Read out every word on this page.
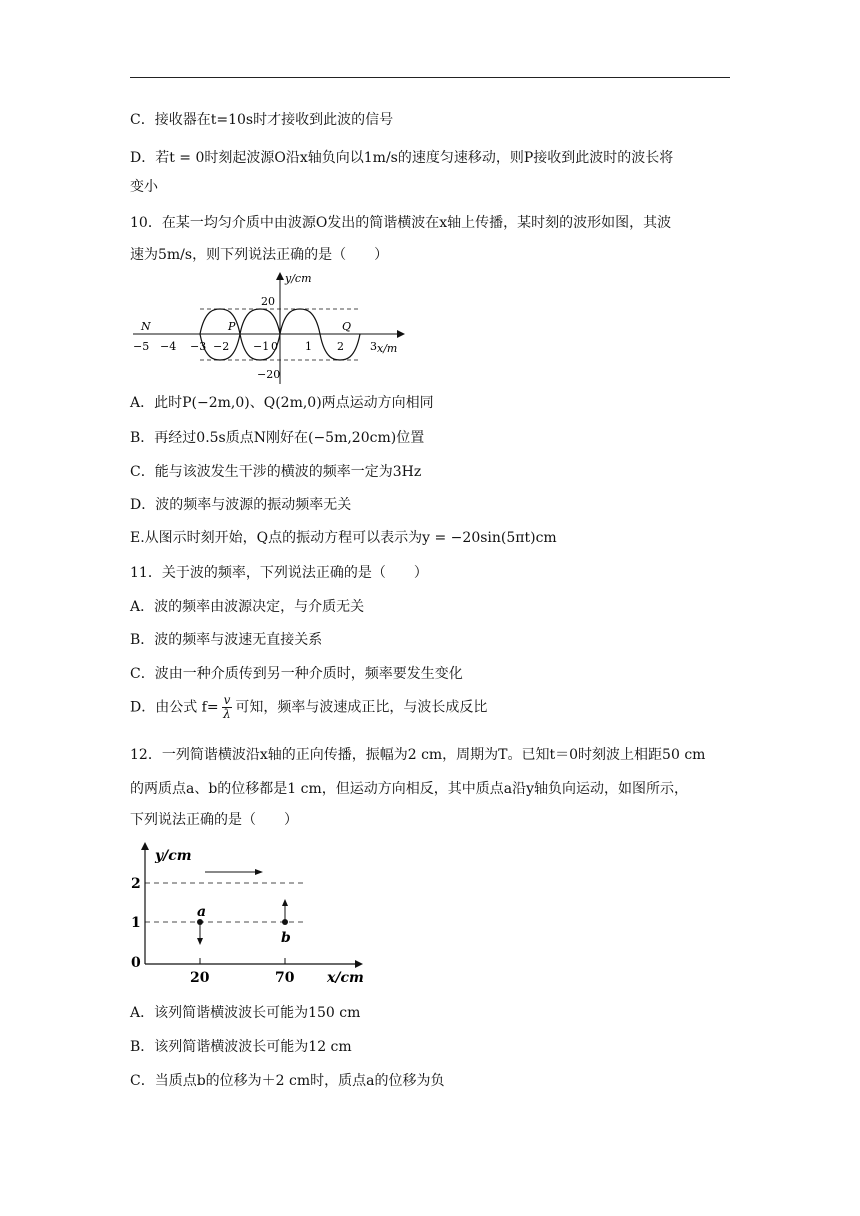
C．接收器在t=10s时才接收到此波的信号
D．若t = 0时刻起波源O沿x轴负向以1m/s的速度匀速移动，则P接收到此波时的波长将
变小
10．在某一均匀介质中由波源O发出的简谐横波在x轴上传播，某时刻的波形如图，其波
速为5m/s，则下列说法正确的是（　　）
−5 −4 −3 −2 −1 0 1 2 3
20
−20
y/cm
x/m
N	P	Q
A．此时P(−2m,0)、Q(2m,0)两点运动方向相同
B．再经过0.5s质点N刚好在(−5m,20cm)位置
C．能与该波发生干涉的横波的频率一定为3Hz
D．波的频率与波源的振动频率无关
E.从图示时刻开始，Q点的振动方程可以表示为y = −20sin(5πt)cm
11．关于波的频率，下列说法正确的是（　　）
A．波的频率由波源决定，与介质无关
B．波的频率与波速无直接关系
C．波由一种介质传到另一种介质时，频率要发生变化
D．由公式 $f= \frac{v}{\lambda}$ 可知，频率与波速成正比，与波长成反比
12．一列简谐横波沿x轴的正向传播，振幅为2 cm，周期为T。已知t＝0时刻波上相距50 cm
的两质点a、b的位移都是1 cm，但运动方向相反，其中质点a沿y轴负向运动，如图所示，
下列说法正确的是（　　）
a
b
2
1
0
20	70
y/cm
x/cm
A．该列简谐横波波长可能为150 cm
B．该列简谐横波波长可能为12 cm
C．当质点b的位移为＋2 cm时，质点a的位移为负
